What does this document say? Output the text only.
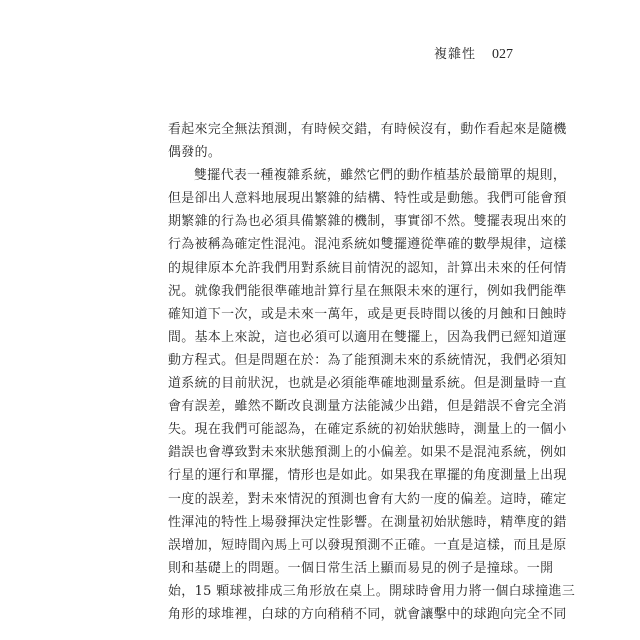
複雜性 027
看起來完全無法預測，有時候交錯，有時候沒有，動作看起來是隨機
偶發的。
雙擺代表一種複雜系統，雖然它們的動作植基於最簡單的規則，
但是卻出人意料地展現出繁雜的結構、特性或是動態。我們可能會預
期繁雜的行為也必須具備繁雜的機制，事實卻不然。雙擺表現出來的
行為被稱為確定性混沌。混沌系統如雙擺遵從準確的數學規律，這樣
的規律原本允許我們用對系統目前情況的認知，計算出未來的任何情
況。就像我們能很準確地計算行星在無限未來的運行，例如我們能準
確知道下一次，或是未來一萬年，或是更長時間以後的月蝕和日蝕時
間。基本上來說，這也必須可以適用在雙擺上，因為我們已經知道運
動方程式。但是問題在於：為了能預測未來的系統情況，我們必須知
道系統的目前狀況，也就是必須能準確地測量系統。但是測量時一直
會有誤差，雖然不斷改良測量方法能減少出錯，但是錯誤不會完全消
失。現在我們可能認為，在確定系統的初始狀態時，測量上的一個小
錯誤也會導致對未來狀態預測上的小偏差。如果不是混沌系統，例如
行星的運行和單擺，情形也是如此。如果我在單擺的角度測量上出現
一度的誤差，對未來情況的預測也會有大約一度的偏差。這時，確定
性渾沌的特性上場發揮決定性影響。在測量初始狀態時，精準度的錯
誤增加，短時間內馬上可以發現預測不正確。一直是這樣，而且是原
則和基礎上的問題。一個日常生活上顯而易見的例子是撞球。一開
始，15 顆球被排成三角形放在桌上。開球時會用力將一個白球撞進三
角形的球堆裡，白球的方向稍稍不同，就會讓擊中的球跑向完全不同
